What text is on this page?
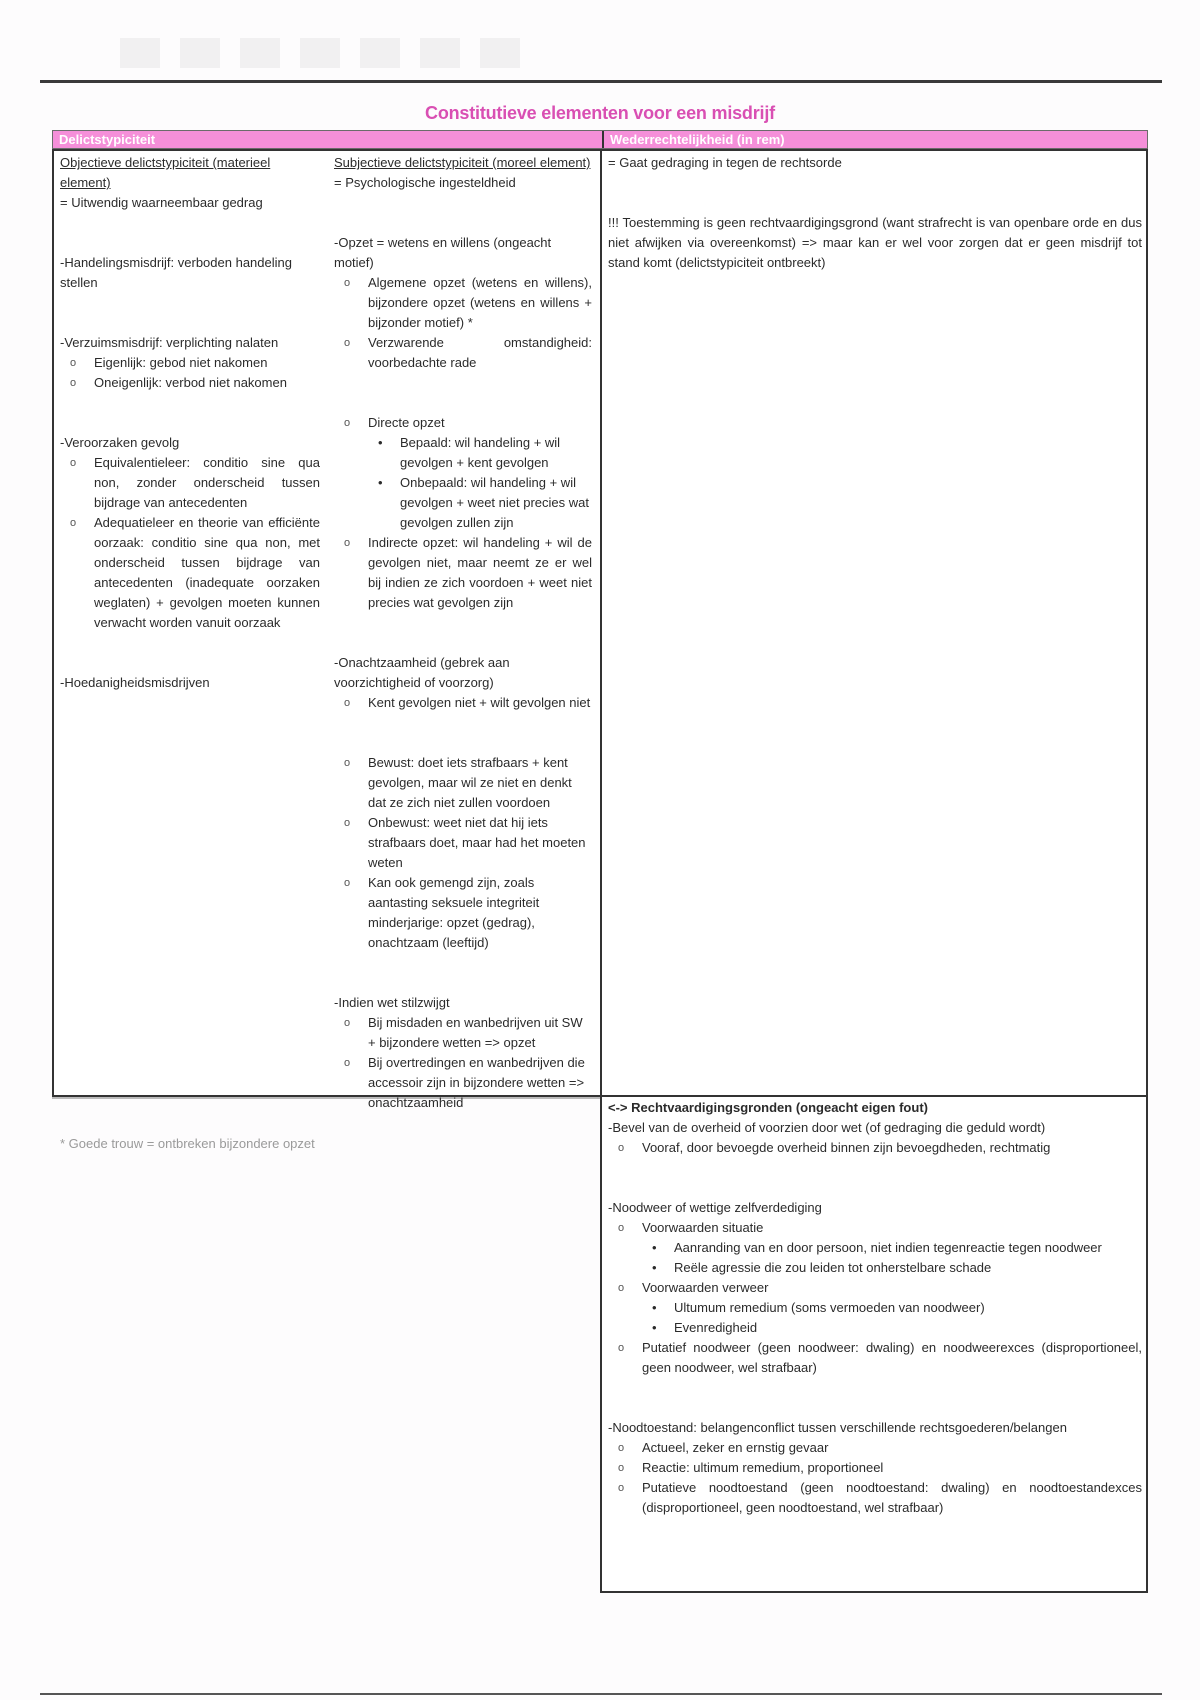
Constitutieve elementen voor een misdrijf
Delictstypiciteit	Wederrechtelijkheid (in rem)

Objectieve delictstypiciteit (materieel element)

= Uitwendig waarneembaar gedrag

-Handelingsmisdrijf: verboden handeling stellen

-Verzuimsmisdrijf: verplichting nalaten

o Eigenlijk: gebod niet nakomen

o Oneigenlijk: verbod niet nakomen

-Veroorzaken gevolg

o Equivalentieleer: conditio sine qua non, zonder onderscheid tussen bijdrage van antecedenten

o Adequatieleer en theorie van efficiënte oorzaak: conditio sine qua non, met onderscheid tussen bijdrage van antecedenten (inadequate oorzaken weglaten) + gevolgen moeten kunnen verwacht worden vanuit oorzaak

-Hoedanigheidsmisdrijven

Subjectieve delictstypiciteit (moreel element)

= Psychologische ingesteldheid

-Opzet = wetens en willens (ongeacht motief)

o Algemene opzet (wetens en willens), bijzondere opzet (wetens en willens + bijzonder motief) *

o Verzwarende omstandigheid: voorbedachte rade

o Directe opzet

• Bepaald: wil handeling + wil gevolgen + kent gevolgen

• Onbepaald: wil handeling + wil gevolgen + weet niet precies wat gevolgen zullen zijn

o Indirecte opzet: wil handeling + wil de gevolgen niet, maar neemt ze er wel bij indien ze zich voordoen + weet niet precies wat gevolgen zijn

-Onachtzaamheid (gebrek aan voorzichtigheid of voorzorg)

o Kent gevolgen niet + wilt gevolgen niet

o Bewust: doet iets strafbaars + kent gevolgen, maar wil ze niet en denkt dat ze zich niet zullen voordoen

o Onbewust: weet niet dat hij iets strafbaars doet, maar had het moeten weten

o Kan ook gemengd zijn, zoals aantasting seksuele integriteit minderjarige: opzet (gedrag), onachtzaam (leeftijd)

-Indien wet stilzwijgt

o Bij misdaden en wanbedrijven uit SW + bijzondere wetten => opzet

o Bij overtredingen en wanbedrijven die accessoir zijn in bijzondere wetten => onachtzaamheid

= Gaat gedraging in tegen de rechtsorde

!!! Toestemming is geen rechtvaardigingsgrond (want strafrecht is van openbare orde en dus niet afwijken via overeenkomst) => maar kan er wel voor zorgen dat er geen misdrijf tot stand komt (delictstypiciteit ontbreekt)

* Goede trouw = ontbreken bijzondere opzet

<-> Rechtvaardigingsgronden (ongeacht eigen fout)

-Bevel van de overheid of voorzien door wet (of gedraging die geduld wordt)

o Vooraf, door bevoegde overheid binnen zijn bevoegdheden, rechtmatig

-Noodweer of wettige zelfverdediging

o Voorwaarden situatie

• Aanranding van en door persoon, niet indien tegenreactie tegen noodweer

• Reële agressie die zou leiden tot onherstelbare schade

o Voorwaarden verweer

• Ultumum remedium (soms vermoeden van noodweer)

• Evenredigheid

o Putatief noodweer (geen noodweer: dwaling) en noodweerexces (disproportioneel, geen noodweer, wel strafbaar)

-Noodtoestand: belangenconflict tussen verschillende rechtsgoederen/belangen

o Actueel, zeker en ernstig gevaar

o Reactie: ultimum remedium, proportioneel

o Putatieve noodtoestand (geen noodtoestand: dwaling) en noodtoestandexces (disproportioneel, geen noodtoestand, wel strafbaar)
